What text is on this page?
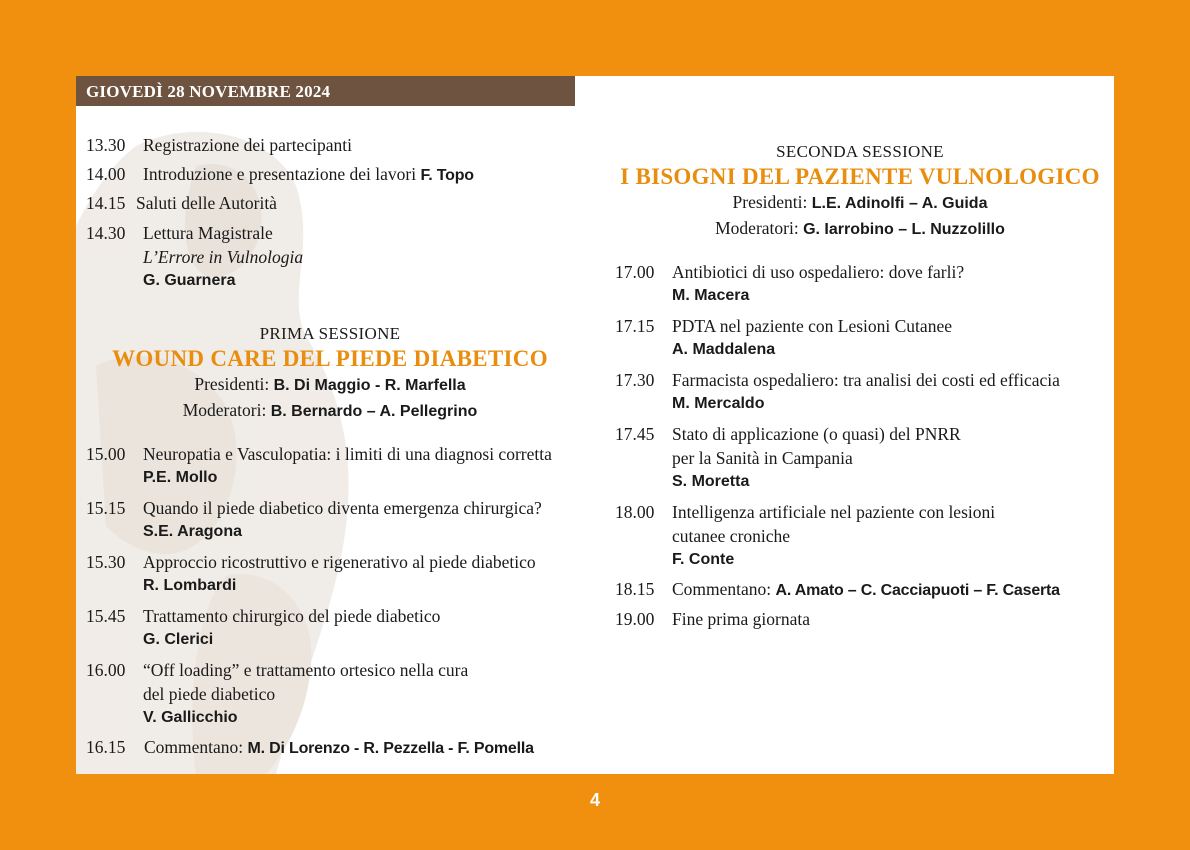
GIOVEDÌ 28 NOVEMBRE 2024
13.30 Registrazione dei partecipanti
14.00 Introduzione e presentazione dei lavori F. Topo
14.15 Saluti delle Autorità
14.30 Lettura Magistrale
L’Errore in Vulnologia
G. Guarnera
PRIMA SESSIONE
WOUND CARE DEL PIEDE DIABETICO
Presidenti: B. Di Maggio - R. Marfella
Moderatori: B. Bernardo – A. Pellegrino
15.00 Neuropatia e Vasculopatia: i limiti di una diagnosi corretta
P.E. Mollo
15.15 Quando il piede diabetico diventa emergenza chirurgica?
S.E. Aragona
15.30 Approccio ricostruttivo e rigenerativo al piede diabetico
R. Lombardi
15.45 Trattamento chirurgico del piede diabetico
G. Clerici
16.00 “Off loading” e trattamento ortesico nella cura
del piede diabetico
V. Gallicchio
16.15 Commentano: M. Di Lorenzo - R. Pezzella - F. Pomella
SECONDA SESSIONE
I BISOGNI DEL PAZIENTE VULNOLOGICO
Presidenti: L.E. Adinolfi – A. Guida
Moderatori: G. Iarrobino – L. Nuzzolillo
17.00 Antibiotici di uso ospedaliero: dove farli?
M. Macera
17.15 PDTA nel paziente con Lesioni Cutanee
A. Maddalena
17.30 Farmacista ospedaliero: tra analisi dei costi ed efficacia
M. Mercaldo
17.45 Stato di applicazione (o quasi) del PNRR
per la Sanità in Campania
S. Moretta
18.00 Intelligenza artificiale nel paziente con lesioni
cutanee croniche
F. Conte
18.15 Commentano: A. Amato – C. Cacciapuoti – F. Caserta
19.00 Fine prima giornata
4
